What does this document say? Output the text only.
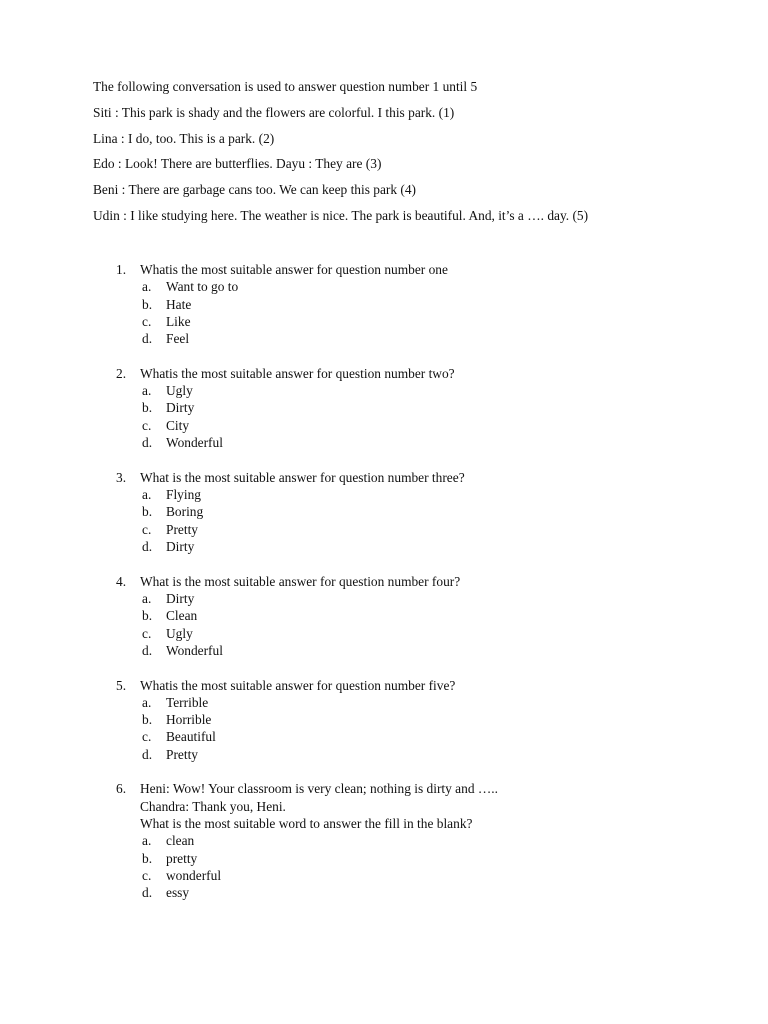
The following conversation is used to answer question number 1 until 5

Siti : This park is shady and the flowers are colorful. I this park. (1)

Lina : I do, too. This is a park. (2)

Edo : Look! There are butterflies. Dayu : They are (3)

Beni : There are garbage cans too. We can keep this park (4)

Udin : I like studying here. The weather is nice. The park is beautiful. And, it’s a …. day. (5)

1.	Whatis the most suitable answer for question number one
a.	Want to go to
b.	Hate
c.	Like
d.	Feel
2.	Whatis the most suitable answer for question number two?
a.	Ugly
b.	Dirty
c.	City
d.	Wonderful
3.	What is the most suitable answer for question number three?
a.	Flying
b.	Boring
c.	Pretty
d.	Dirty
4.	What is the most suitable answer for question number four?
a.	Dirty
b.	Clean
c.	Ugly
d.	Wonderful
5.	Whatis the most suitable answer for question number five?
a.	Terrible
b.	Horrible
c.	Beautiful
d.	Pretty
6.	Heni: Wow! Your classroom is very clean; nothing is dirty and …..
Chandra: Thank you, Heni.
What is the most suitable word to answer the fill in the blank?
a.	clean
b.	pretty
c.	wonderful
d.	essy
